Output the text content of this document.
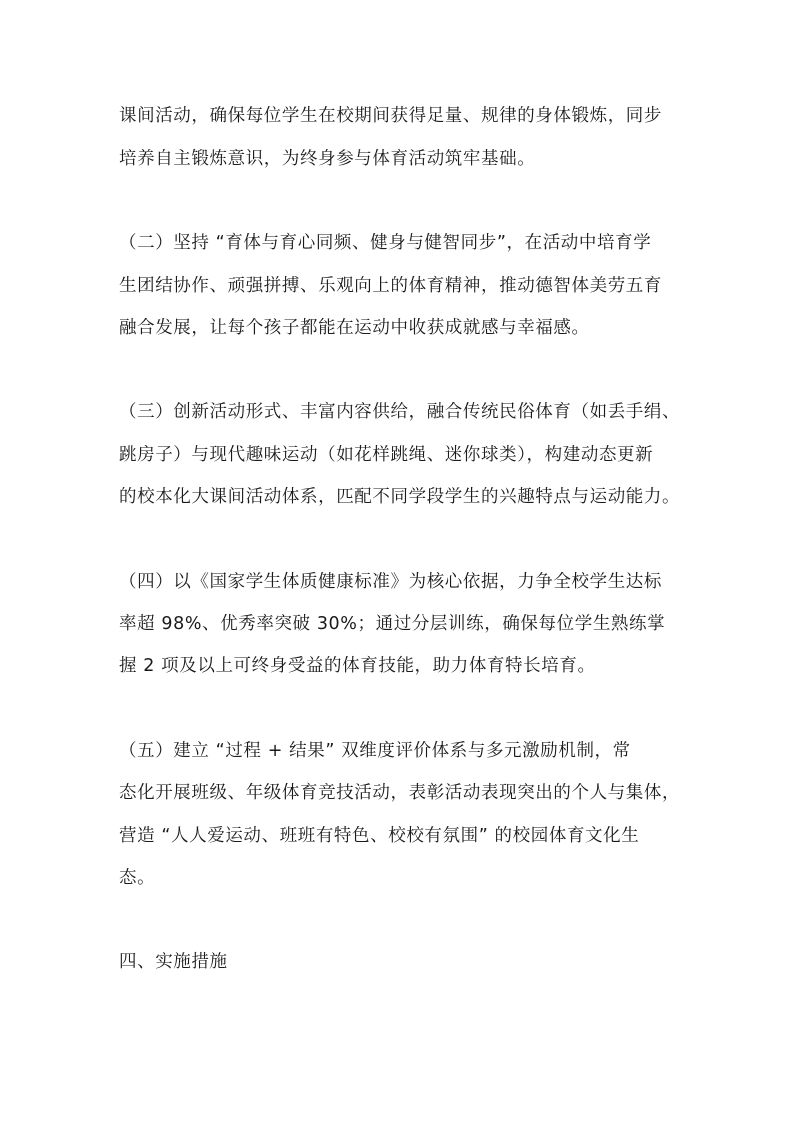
课间活动，确保每位学生在校期间获得足量、规律的身体锻炼，同步
培养自主锻炼意识，为终身参与体育活动筑牢基础。
（二）坚持 “育体与育心同频、健身与健智同步”，在活动中培育学
生团结协作、顽强拼搏、乐观向上的体育精神，推动德智体美劳五育
融合发展，让每个孩子都能在运动中收获成就感与幸福感。
（三）创新活动形式、丰富内容供给，融合传统民俗体育（如丢手绢、
跳房子）与现代趣味运动（如花样跳绳、迷你球类），构建动态更新
的校本化大课间活动体系，匹配不同学段学生的兴趣特点与运动能力。
（四）以《国家学生体质健康标准》为核心依据，力争全校学生达标
率超 98%、优秀率突破 30%；通过分层训练，确保每位学生熟练掌
握 2 项及以上可终身受益的体育技能，助力体育特长培育。
（五）建立 “过程 + 结果” 双维度评价体系与多元激励机制，常
态化开展班级、年级体育竞技活动，表彰活动表现突出的个人与集体，
营造 “人人爱运动、班班有特色、校校有氛围” 的校园体育文化生
态。
四、实施措施
